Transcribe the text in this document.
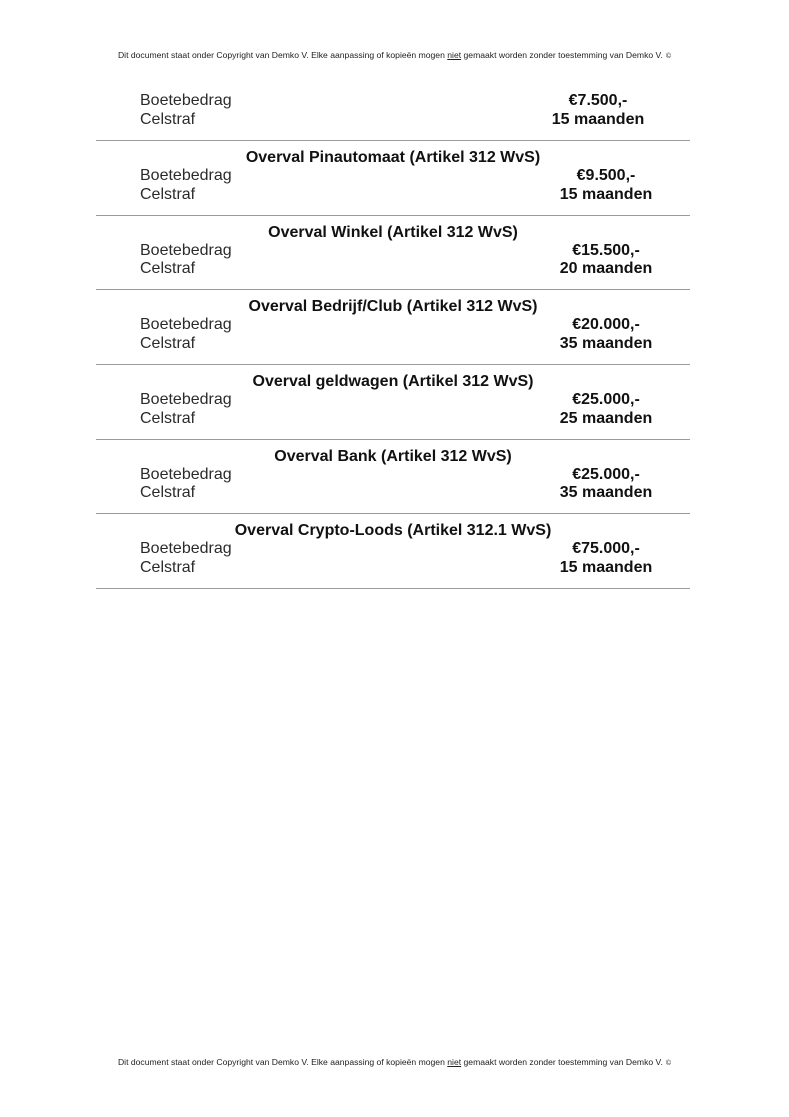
Dit document staat onder Copyright van Demko V. Elke aanpassing of kopieën mogen niet gemaakt worden zonder toestemming van Demko V. ©
Boetebedrag	€7.500,-
Celstraf	15 maanden
Overval Pinautomaat (Artikel 312 WvS)
Boetebedrag	€9.500,-
Celstraf	15 maanden
Overval Winkel (Artikel 312 WvS)
Boetebedrag	€15.500,-
Celstraf	20 maanden
Overval Bedrijf/Club (Artikel 312 WvS)
Boetebedrag	€20.000,-
Celstraf	35 maanden
Overval geldwagen (Artikel 312 WvS)
Boetebedrag	€25.000,-
Celstraf	25 maanden
Overval Bank (Artikel 312 WvS)
Boetebedrag	€25.000,-
Celstraf	35 maanden
Overval Crypto-Loods (Artikel 312.1 WvS)
Boetebedrag	€75.000,-
Celstraf	15 maanden
Dit document staat onder Copyright van Demko V. Elke aanpassing of kopieën mogen niet gemaakt worden zonder toestemming van Demko V. ©
